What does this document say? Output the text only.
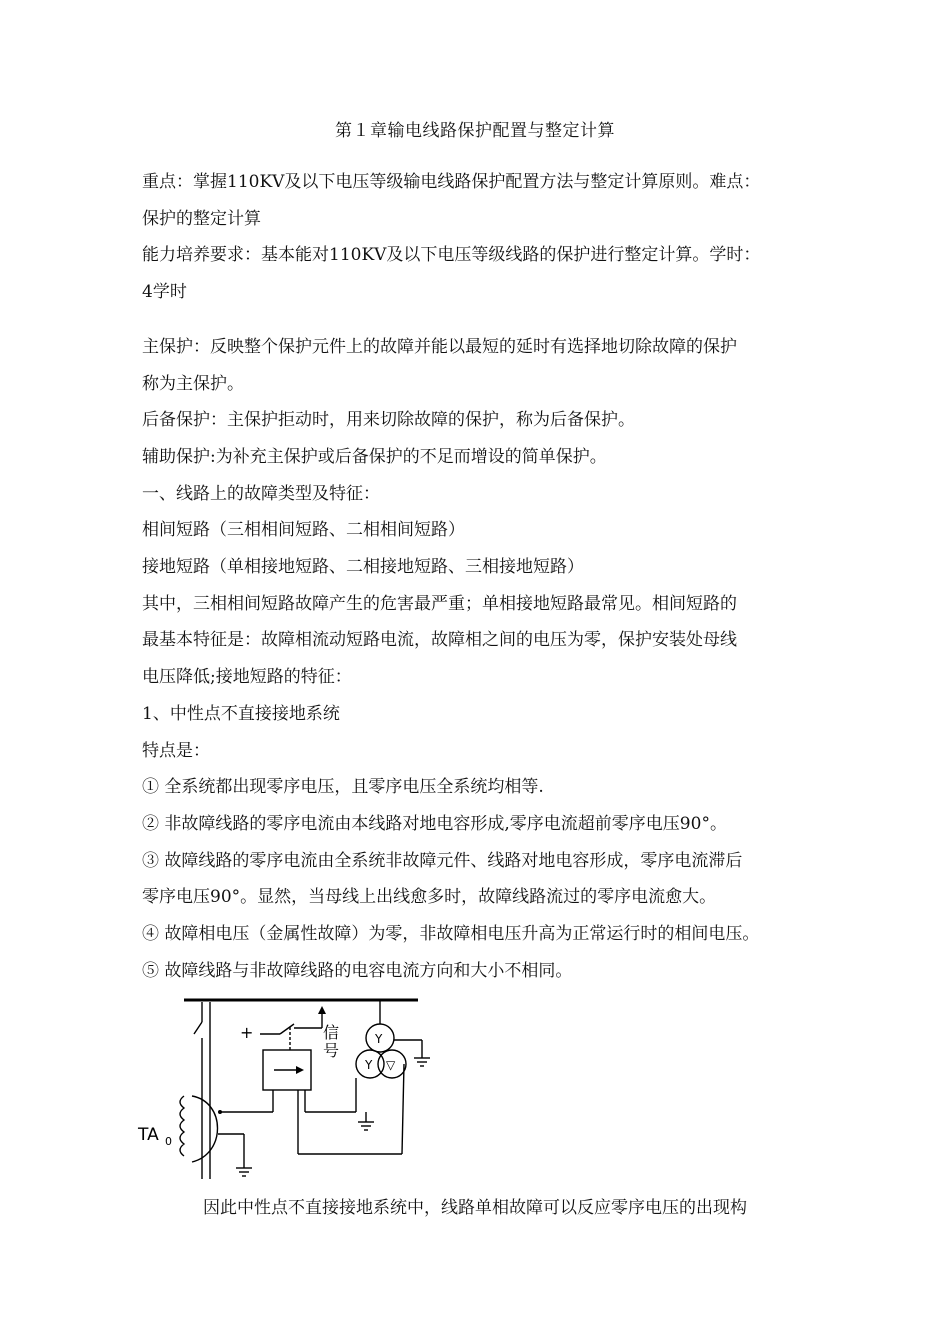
第１章输电线路保护配置与整定计算

重点：掌握110KV及以下电压等级输电线路保护配置方法与整定计算原则。难点：

保护的整定计算

能力培养要求：基本能对110KV及以下电压等级线路的保护进行整定计算。学时：

4学时

主保护：反映整个保护元件上的故障并能以最短的延时有选择地切除故障的保护

称为主保护。

后备保护：主保护拒动时，用来切除故障的保护，称为后备保护。

辅助保护:为补充主保护或后备保护的不足而增设的简单保护。

一、线路上的故障类型及特征：

相间短路（三相相间短路、二相相间短路）

接地短路（单相接地短路、二相接地短路、三相接地短路）

其中，三相相间短路故障产生的危害最严重；单相接地短路最常见。相间短路的

最基本特征是：故障相流动短路电流，故障相之间的电压为零，保护安装处母线

电压降低;接地短路的特征：

1、中性点不直接接地系统

特点是：

① 全系统都出现零序电压，且零序电压全系统均相等.

② 非故障线路的零序电流由本线路对地电容形成,零序电流超前零序电压90°。

③ 故障线路的零序电流由全系统非故障元件、线路对地电容形成，零序电流滞后

零序电压90°。显然，当母线上出线愈多时，故障线路流过的零序电流愈大。

④ 故障相电压（金属性故障）为零，非故障相电压升高为正常运行时的相间电压。

⑤ 故障线路与非故障线路的电容电流方向和大小不相同。

+	信号
TA 0
Y
Y ▽
因此中性点不直接接地系统中，线路单相故障可以反应零序电压的出现构
